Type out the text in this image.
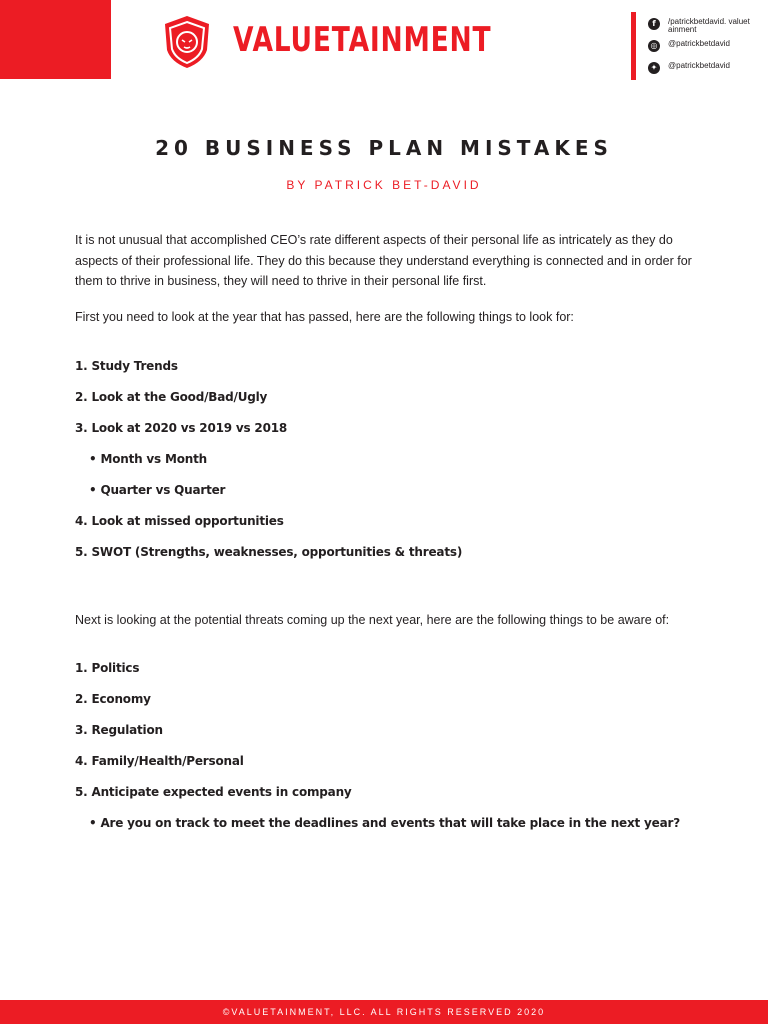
VALUETAINMENT	f	/patrickbetdavid. valuetainment
◎	@patrickbetdavid
✦	@patrickbetdavid
20 BUSINESS PLAN MISTAKES
BY PATRICK BET-DAVID

It is not unusual that accomplished CEO’s rate different aspects of their personal life as intricately as they do aspects of their professional life. They do this because they understand everything is connected and in order for them to thrive in business, they will need to thrive in their personal life first.

First you need to look at the year that has passed, here are the following things to look for:

1. Study Trends
2. Look at the Good/Bad/Ugly
3. Look at 2020 vs 2019 vs 2018
• Month vs Month
• Quarter vs Quarter
4. Look at missed opportunities
5. SWOT (Strengths, weaknesses, opportunities & threats)

Next is looking at the potential threats coming up the next year, here are the following things to be aware of:

1. Politics
2. Economy
3. Regulation
4. Family/Health/Personal
5. Anticipate expected events in company
• Are you on track to meet the deadlines and events that will take place in the next year?
©VALUETAINMENT, LLC. ALL RIGHTS RESERVED 2020
